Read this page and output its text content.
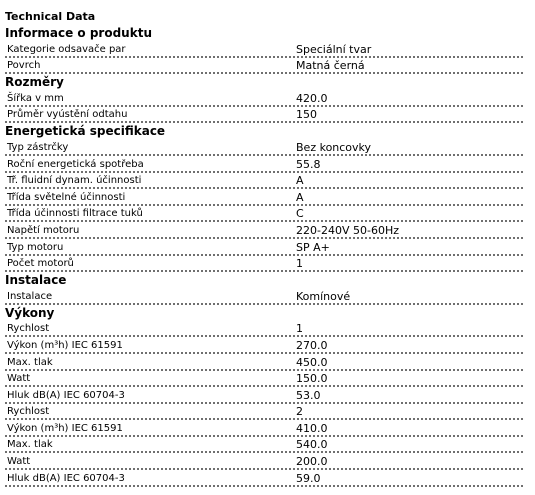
Technical Data
Informace o produktu
Kategorie odsavače par	Speciální tvar
Povrch	Matná černá
Rozměry
Šířka v mm	420.0
Průměr vyústění odtahu	150
Energetická specifikace
Typ zástrčky	Bez koncovky
Roční energetická spotřeba	55.8
Tř. fluidní dynam. účinnosti	A
Třída světelné účinnosti	A
Třída účinnosti filtrace tuků	C
Napětí motoru	220-240V 50-60Hz
Typ motoru	SP A+
Počet motorů	1
Instalace
Instalace	Komínové
Výkony
Rychlost	1
Výkon (m³h) IEC 61591	270.0
Max. tlak	450.0
Watt	150.0
Hluk dB(A) IEC 60704-3	53.0
Rychlost	2
Výkon (m³h) IEC 61591	410.0
Max. tlak	540.0
Watt	200.0
Hluk dB(A) IEC 60704-3	59.0
